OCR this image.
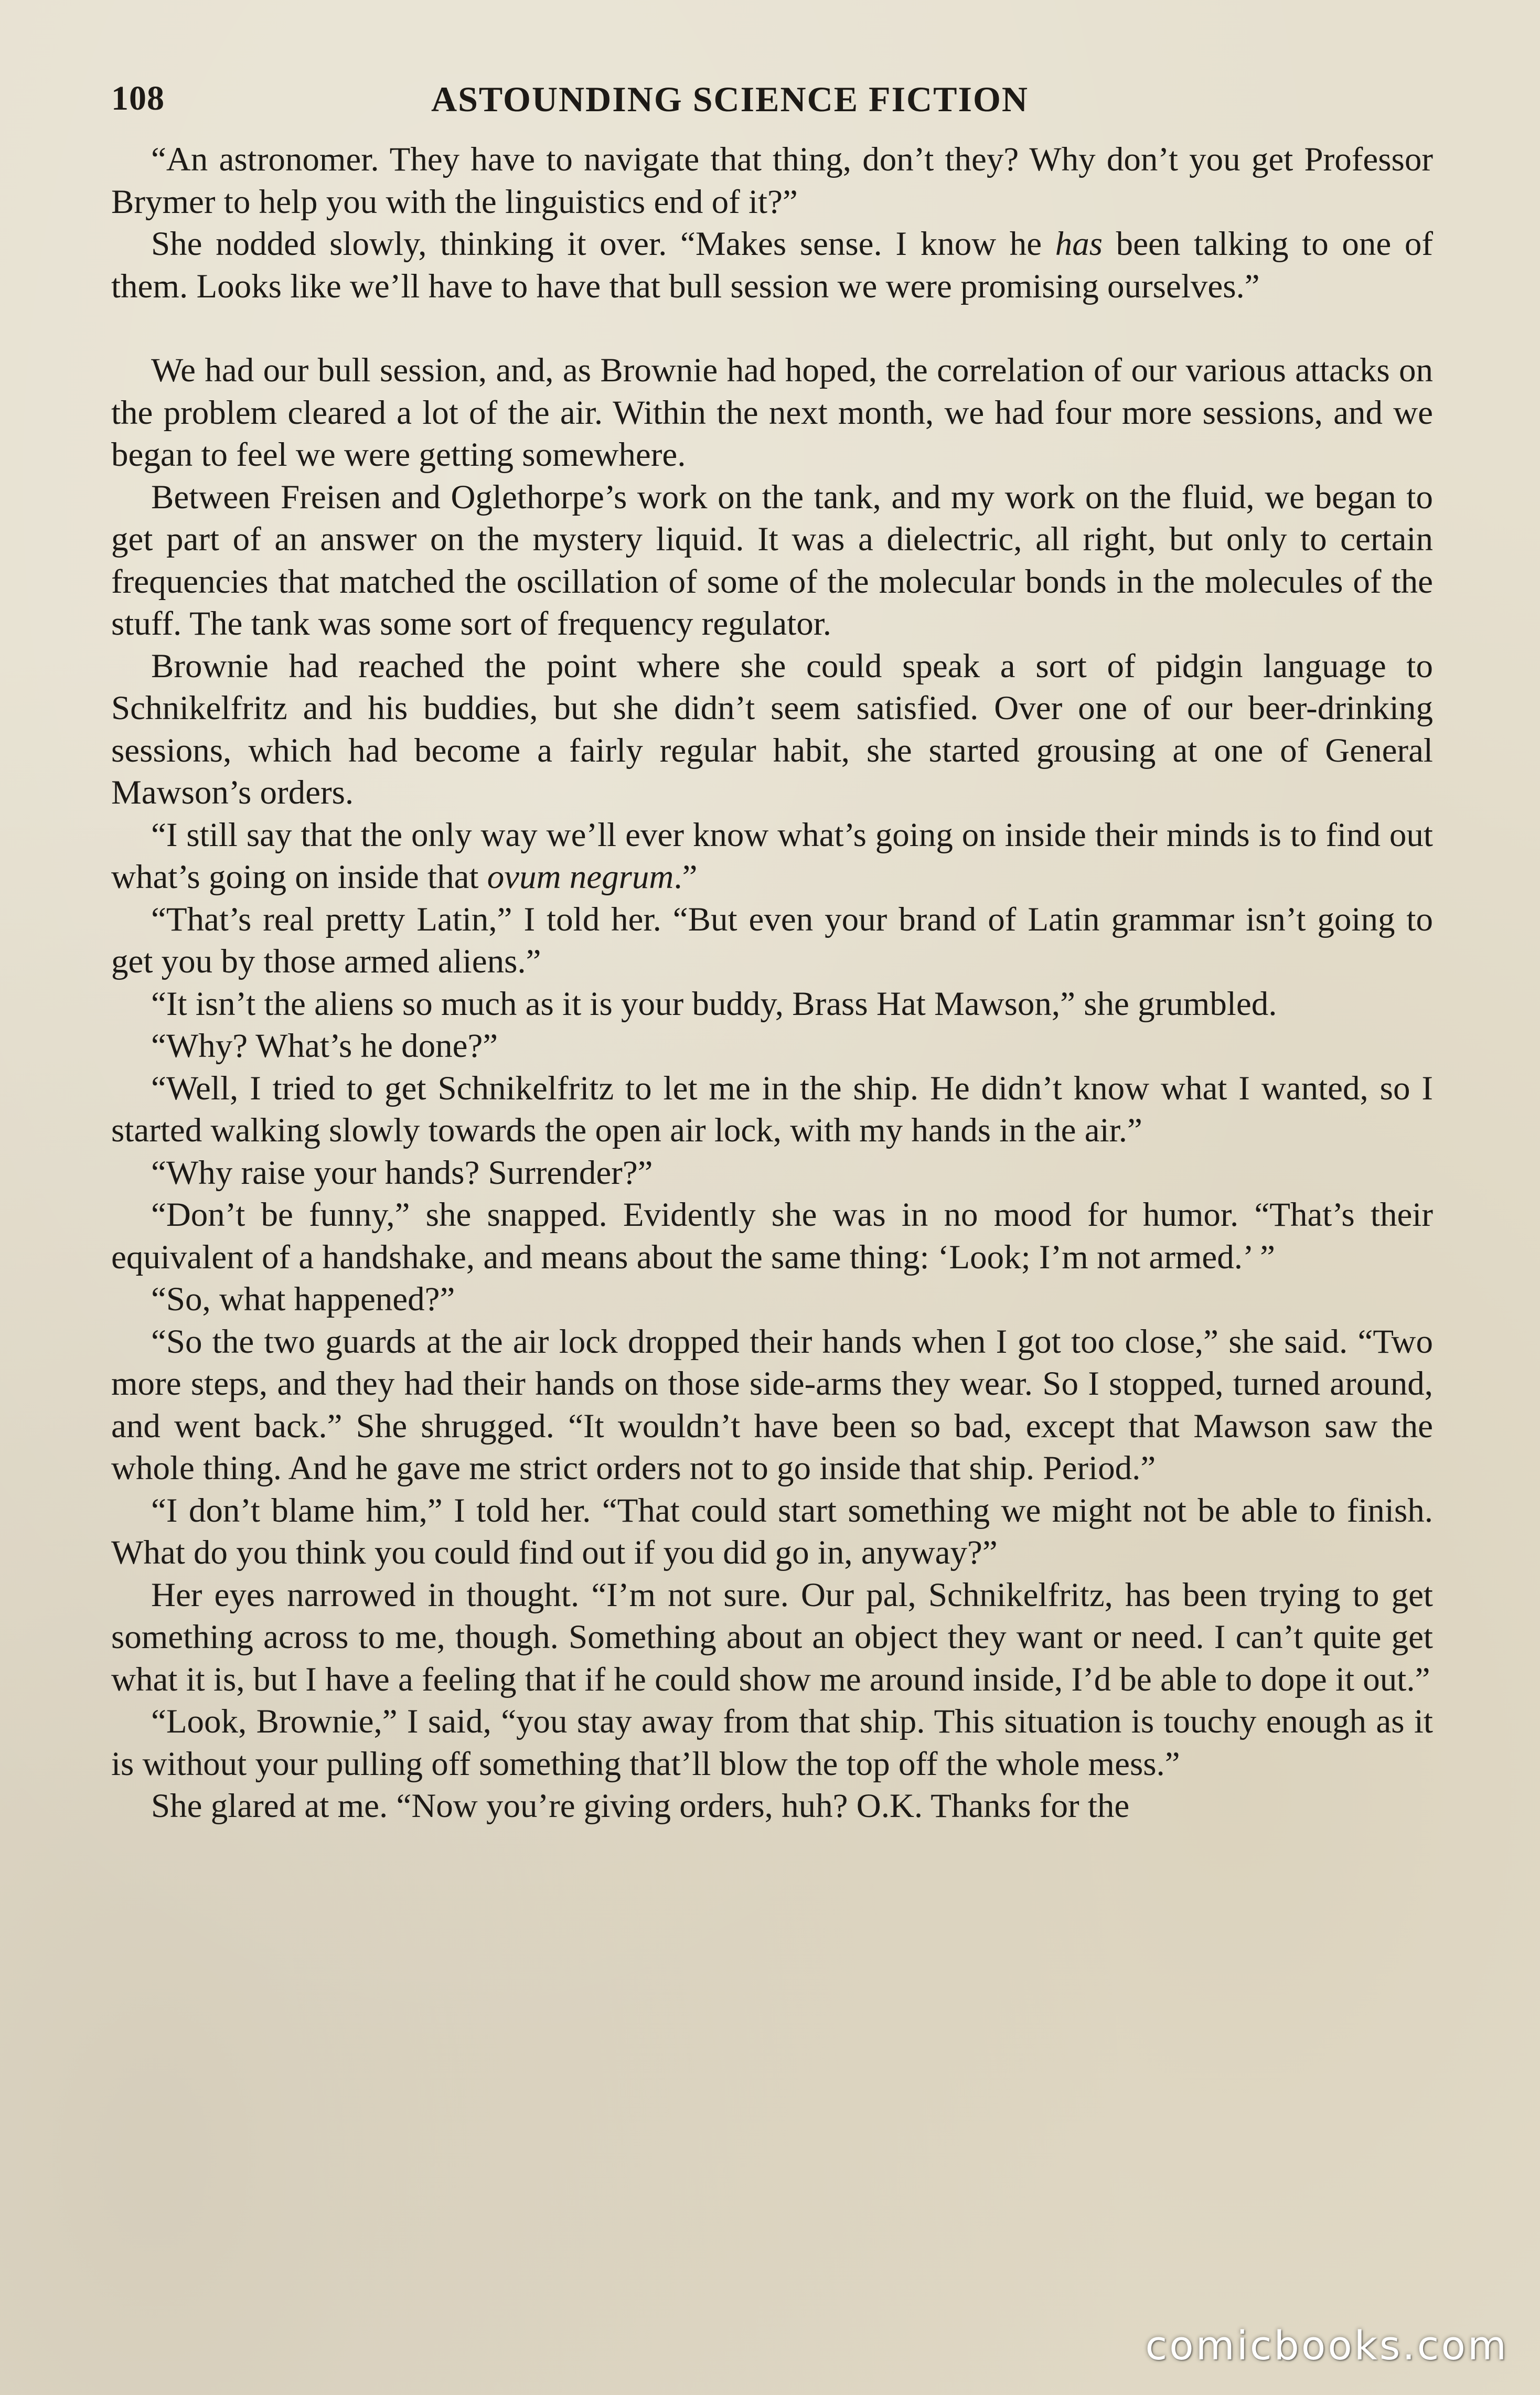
108	ASTOUNDING SCIENCE FICTION

“An astronomer. They have to navigate that thing, don’t they? Why don’t you get Professor Brymer to help you with the linguistics end of it?”

She nodded slowly, thinking it over. “Makes sense. I know he has been talking to one of them. Looks like we’ll have to have that bull session we were promising ourselves.”

We had our bull session, and, as Brownie had hoped, the correlation of our various attacks on the problem cleared a lot of the air. Within the next month, we had four more sessions, and we began to feel we were getting somewhere.

Between Freisen and Oglethorpe’s work on the tank, and my work on the fluid, we began to get part of an answer on the mystery liquid. It was a dielectric, all right, but only to certain frequencies that matched the oscillation of some of the molecular bonds in the molecules of the stuff. The tank was some sort of frequency regulator.

Brownie had reached the point where she could speak a sort of pidgin language to Schnikelfritz and his buddies, but she didn’t seem satisfied. Over one of our beer-drinking sessions, which had become a fairly regular habit, she started grousing at one of General Mawson’s orders.

“I still say that the only way we’ll ever know what’s going on inside their minds is to find out what’s going on inside that ovum negrum.”

“That’s real pretty Latin,” I told her. “But even your brand of Latin grammar isn’t going to get you by those armed aliens.”

“It isn’t the aliens so much as it is your buddy, Brass Hat Mawson,” she grumbled.

“Why? What’s he done?”

“Well, I tried to get Schnikelfritz to let me in the ship. He didn’t know what I wanted, so I started walking slowly towards the open air lock, with my hands in the air.”

“Why raise your hands? Surrender?”

“Don’t be funny,” she snapped. Evidently she was in no mood for humor. “That’s their equivalent of a handshake, and means about the same thing: ‘Look; I’m not armed.’ ”

“So, what happened?”

“So the two guards at the air lock dropped their hands when I got too close,” she said. “Two more steps, and they had their hands on those side-arms they wear. So I stopped, turned around, and went back.” She shrugged. “It wouldn’t have been so bad, except that Mawson saw the whole thing. And he gave me strict orders not to go inside that ship. Period.”

“I don’t blame him,” I told her. “That could start something we might not be able to finish. What do you think you could find out if you did go in, anyway?”

Her eyes narrowed in thought. “I’m not sure. Our pal, Schnikelfritz, has been trying to get something across to me, though. Something about an object they want or need. I can’t quite get what it is, but I have a feeling that if he could show me around inside, I’d be able to dope it out.”

“Look, Brownie,” I said, “you stay away from that ship. This situation is touchy enough as it is without your pulling off something that’ll blow the top off the whole mess.”

She glared at me. “Now you’re giving orders, huh? O.K. Thanks for the

comicbooks.com
